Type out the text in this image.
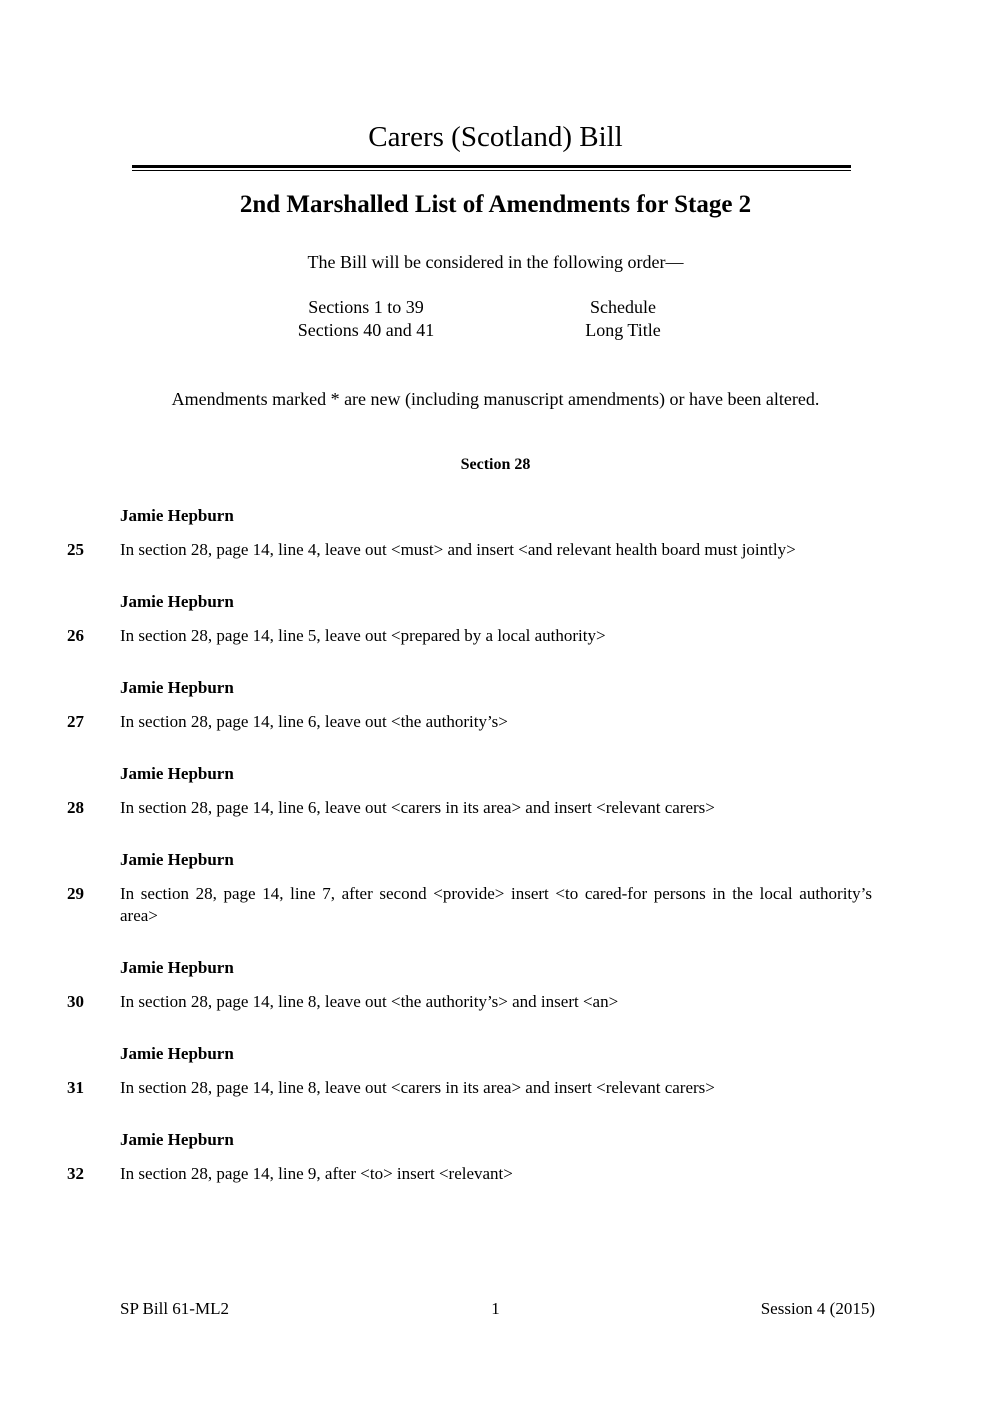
Carers (Scotland) Bill
2nd Marshalled List of Amendments for Stage 2
The Bill will be considered in the following order—
Sections 1 to 39	Schedule
Sections 40 and 41	Long Title
Amendments marked * are new (including manuscript amendments) or have been altered.
Section 28
Jamie Hepburn
25	In section 28, page 14, line 4, leave out <must> and insert <and relevant health board must jointly>
Jamie Hepburn
26	In section 28, page 14, line 5, leave out <prepared by a local authority>
Jamie Hepburn
27	In section 28, page 14, line 6, leave out <the authority’s>
Jamie Hepburn
28	In section 28, page 14, line 6, leave out <carers in its area> and insert <relevant carers>
Jamie Hepburn
29	In section 28, page 14, line 7, after second <provide> insert <to cared-for persons in the local authority’s area>
Jamie Hepburn
30	In section 28, page 14, line 8, leave out <the authority’s> and insert <an>
Jamie Hepburn
31	In section 28, page 14, line 8, leave out <carers in its area> and insert <relevant carers>
Jamie Hepburn
32	In section 28, page 14, line 9, after <to> insert <relevant>
SP Bill 61-ML2	1	Session 4 (2015)
